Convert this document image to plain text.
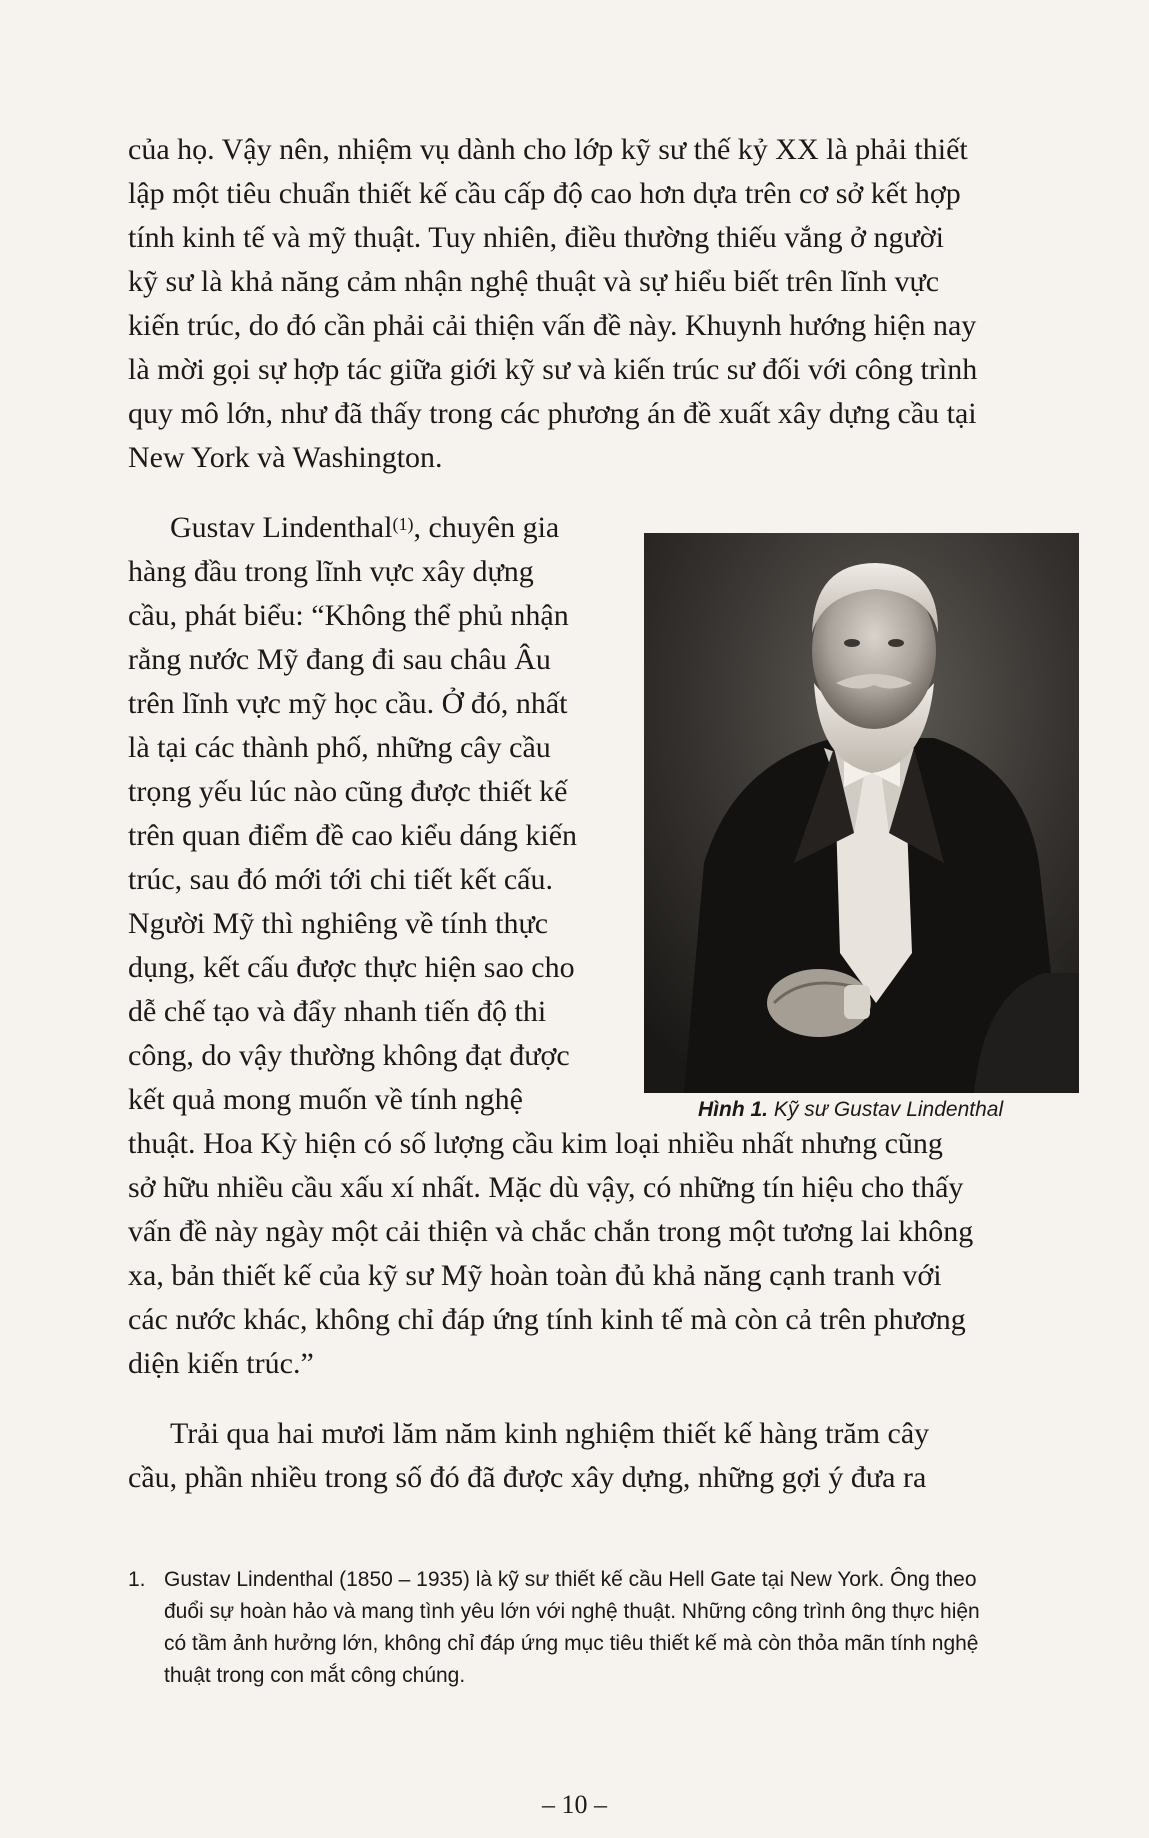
của họ. Vậy nên, nhiệm vụ dành cho lớp kỹ sư thế kỷ XX là phải thiết
lập một tiêu chuẩn thiết kế cầu cấp độ cao hơn dựa trên cơ sở kết hợp
tính kinh tế và mỹ thuật. Tuy nhiên, điều thường thiếu vắng ở người
kỹ sư là khả năng cảm nhận nghệ thuật và sự hiểu biết trên lĩnh vực
kiến trúc, do đó cần phải cải thiện vấn đề này. Khuynh hướng hiện nay
là mời gọi sự hợp tác giữa giới kỹ sư và kiến trúc sư đối với công trình
quy mô lớn, như đã thấy trong các phương án đề xuất xây dựng cầu tại
New York và Washington.
Gustav Lindenthal$^{(1)}$, chuyên gia
hàng đầu trong lĩnh vực xây dựng
cầu, phát biểu: “Không thể phủ nhận
rằng nước Mỹ đang đi sau châu Âu
trên lĩnh vực mỹ học cầu. Ở đó, nhất
là tại các thành phố, những cây cầu
trọng yếu lúc nào cũng được thiết kế
trên quan điểm đề cao kiểu dáng kiến
trúc, sau đó mới tới chi tiết kết cấu.
Người Mỹ thì nghiêng về tính thực
dụng, kết cấu được thực hiện sao cho
dễ chế tạo và đẩy nhanh tiến độ thi
công, do vậy thường không đạt được
kết quả mong muốn về tính nghệ
thuật. Hoa Kỳ hiện có số lượng cầu kim loại nhiều nhất nhưng cũng
sở hữu nhiều cầu xấu xí nhất. Mặc dù vậy, có những tín hiệu cho thấy
vấn đề này ngày một cải thiện và chắc chắn trong một tương lai không
xa, bản thiết kế của kỹ sư Mỹ hoàn toàn đủ khả năng cạnh tranh với
các nước khác, không chỉ đáp ứng tính kinh tế mà còn cả trên phương
diện kiến trúc.”
Trải qua hai mươi lăm năm kinh nghiệm thiết kế hàng trăm cây
cầu, phần nhiều trong số đó đã được xây dựng, những gợi ý đưa ra
Hình 1. Kỹ sư Gustav Lindenthal
1. Gustav Lindenthal (1850 – 1935) là kỹ sư thiết kế cầu Hell Gate tại New York. Ông theo
đuổi sự hoàn hảo và mang tình yêu lớn với nghệ thuật. Những công trình ông thực hiện
có tầm ảnh hưởng lớn, không chỉ đáp ứng mục tiêu thiết kế mà còn thỏa mãn tính nghệ
thuật trong con mắt công chúng.
– 10 –
